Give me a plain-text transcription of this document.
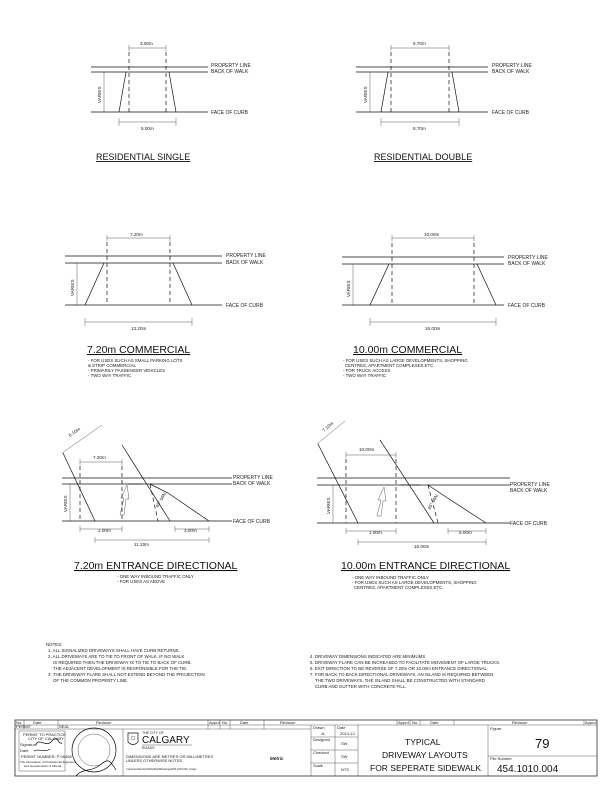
3.00m
VARIES
5.00m
PROPERTY LINE
BACK OF WALK
FACE OF CURB
RESIDENTIAL SINGLE
6.70m
VARIES
8.70m
PROPERTY LINE
BACK OF WALK
FACE OF CURB
RESIDENTIAL DOUBLE
7.20m
VARIES
13.20m
PROPERTY LINE
BACK OF WALK
FACE OF CURB
7.20m COMMERCIAL
- FOR USES SUCH AS SMALL PARKING LOTS
& STRIP COMMERCIAL
- PRIMARILY PASSENGER VEHICLES
- TWO WAY TRAFFIC
10.00m
VARIES
16.00m
PROPERTY LINE
BACK OF WALK
FACE OF CURB
10.00m COMMERCIAL
- FOR USES SUCH AS LARGE DEVELOPMENTS, SHOPPING
CENTRES, APARTMENT COMPLEXES ETC.
- FOR TRUCK ACCESS
- TWO WAY TRAFFIC
6.10m
7.20m
45° MIN.
VARIES
1.00m	3.00m
11.20m
PROPERTY LINE
BACK OF WALK
FACE OF CURB
7.20m ENTRANCE DIRECTIONAL
- ONE WAY INBOUND TRAFFIC ONLY
- FOR USES AS ABOVE
7.10m
10.00m
45° MIN.
VARIES
1.00m	5.00m
16.00m
PROPERTY LINE
BACK OF WALK
FACE OF CURB
10.00m ENTRANCE DIRECTIONAL
- ONE WAY INBOUND TRAFFIC ONLY
- FOR USES SUCH AS LARGE DEVELOPMENTS, SHOPPING
CENTRES, APARTMENT COMPLEXES ETC.
NOTES:
1. ALL SIGNALIZED DRIVEWAYS SHALL HAVE CURB RETURNS.
2. ALL DRIVEWAYS ARE TO TIE TO FRONT OF WALK. IF NO WALK
IS REQUIRED THEN THE DRIVEWAY IS TO TIE TO BACK OF CURB.
THE ADJACENT DEVELOPMENT IS RESPONSIBLE FOR THE TIE.
3. THE DRIVEWAY FLARE SHALL NOT EXTEND BEYOND THE PROJECTION
OF THE COMMON PROPERTY LINE.
4. DRIVEWAY DIMENSIONS INDICATED ARE MINIMUMS.
5. DRIVEWAY FLARE CAN BE INCREASED TO FACILITATE MOVEMENT OF LARGE TRUCKS.
6. EXIT DIRECTION TO BE REVERSE OF 7.20m OR 10.00m ENTRANCE DIRECTIONAL.
7. FOR BACK TO BACK DIRECTIONAL DRIVEWAYS, AN ISLAND IS REQUIRED BETWEEN
THE TWO DRIVEWAYS. THE ISLAND SHALL BE CONSTRUCTED WITH STANDARD
CURB AND GUTTER WITH CONCRETE FILL.
No.	Date	Revision	Apprd No.	Date	Revision	Apprd No.	Date	Revision	Apprd
PERMIT	SEAL
PERMIT TO PRACTICE
CITY OF CALGARY
Signature
Date
PERMIT NUMBER: P 06408
The Association of Professional Engineers
and Geoscientists of Alberta
THE CITY OF
CALGARY
ROADS
DIMENSIONS ARE METRES OR MILLIMETRES
UNLESS OTHERWISE NOTED	Metric
J:\process\Section\Stds\2014\Drawings\454.1010.004_r0.dgn
Drawn	Date
JL	2014-12
Designed
SW
Checked
SW
Scale
NTS
TYPICAL
DRIVEWAY LAYOUTS
FOR SEPERATE SIDEWALK
Figure
79
File Number
454.1010.004
